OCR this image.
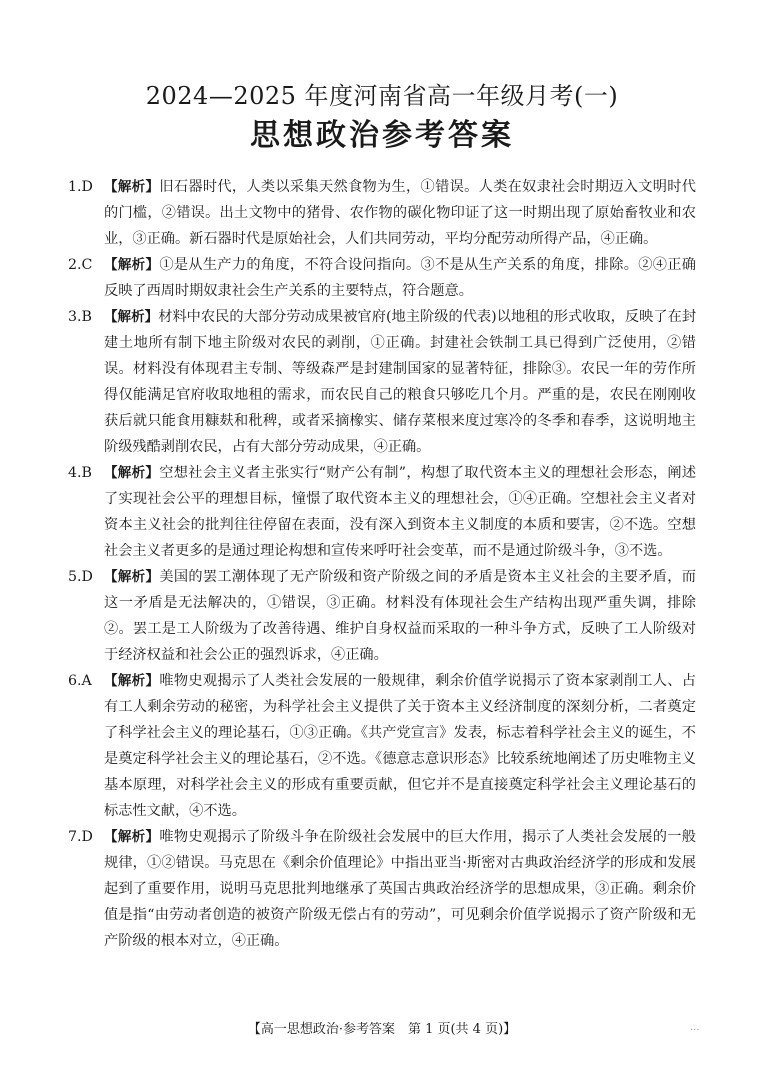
2024—2025 年度河南省高一年级月考(一)
思想政治参考答案
1.D 【解析】旧石器时代，人类以采集天然食物为生，①错误。人类在奴隶社会时期迈入文明时代的门槛，②错误。出土文物中的猪骨、农作物的碳化物印证了这一时期出现了原始畜牧业和农业，③正确。新石器时代是原始社会，人们共同劳动，平均分配劳动所得产品，④正确。
2.C 【解析】①是从生产力的角度，不符合设问指向。③不是从生产关系的角度，排除。②④正确反映了西周时期奴隶社会生产关系的主要特点，符合题意。
3.B 【解析】材料中农民的大部分劳动成果被官府(地主阶级的代表)以地租的形式收取，反映了在封建土地所有制下地主阶级对农民的剥削，①正确。封建社会铁制工具已得到广泛使用，②错误。材料没有体现君主专制、等级森严是封建制国家的显著特征，排除③。农民一年的劳作所得仅能满足官府收取地租的需求，而农民自己的粮食只够吃几个月。严重的是，农民在刚刚收获后就只能食用糠麸和秕稗，或者采摘橡实、储存菜根来度过寒冷的冬季和春季，这说明地主阶级残酷剥削农民，占有大部分劳动成果，④正确。
4.B 【解析】空想社会主义者主张实行“财产公有制”，构想了取代资本主义的理想社会形态，阐述了实现社会公平的理想目标，憧憬了取代资本主义的理想社会，①④正确。空想社会主义者对资本主义社会的批判往往停留在表面，没有深入到资本主义制度的本质和要害，②不选。空想社会主义者更多的是通过理论构想和宣传来呼吁社会变革，而不是通过阶级斗争，③不选。
5.D 【解析】美国的罢工潮体现了无产阶级和资产阶级之间的矛盾是资本主义社会的主要矛盾，而这一矛盾是无法解决的，①错误，③正确。材料没有体现社会生产结构出现严重失调，排除②。罢工是工人阶级为了改善待遇、维护自身权益而采取的一种斗争方式，反映了工人阶级对于经济权益和社会公正的强烈诉求，④正确。
6.A 【解析】唯物史观揭示了人类社会发展的一般规律，剩余价值学说揭示了资本家剥削工人、占有工人剩余劳动的秘密，为科学社会主义提供了关于资本主义经济制度的深刻分析，二者奠定了科学社会主义的理论基石，①③正确。《共产党宣言》发表，标志着科学社会主义的诞生，不是奠定科学社会主义的理论基石，②不选。《德意志意识形态》比较系统地阐述了历史唯物主义基本原理，对科学社会主义的形成有重要贡献，但它并不是直接奠定科学社会主义理论基石的标志性文献，④不选。
7.D 【解析】唯物史观揭示了阶级斗争在阶级社会发展中的巨大作用，揭示了人类社会发展的一般规律，①②错误。马克思在《剩余价值理论》中指出亚当·斯密对古典政治经济学的形成和发展起到了重要作用，说明马克思批判地继承了英国古典政治经济学的思想成果，③正确。剩余价值是指“由劳动者创造的被资产阶级无偿占有的劳动”，可见剩余价值学说揭示了资产阶级和无产阶级的根本对立，④正确。
【高一思想政治·参考答案　第 1 页(共 4 页)】	...
